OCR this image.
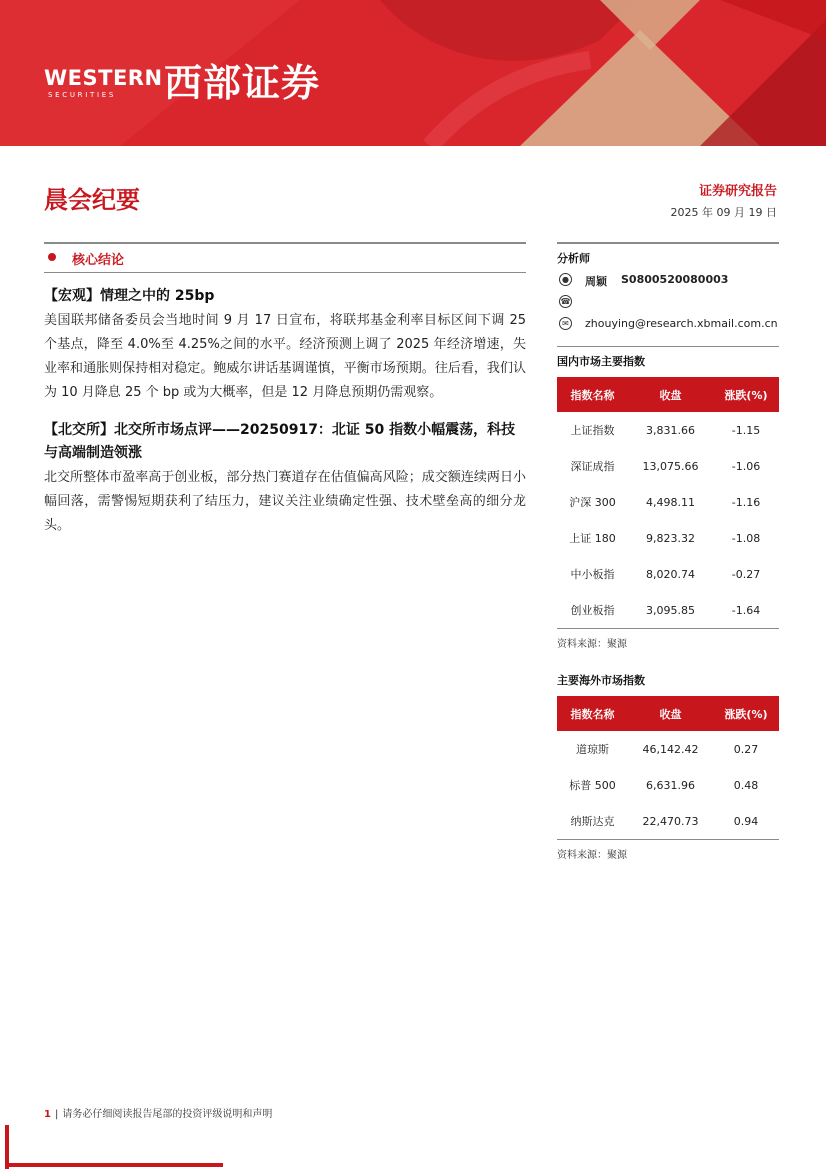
WESTERN
SECURITIES 西部证券
晨会纪要	证券研究报告
2025 年 09 月 19 日
核心结论
【宏观】情理之中的 25bp
美国联邦储备委员会当地时间 9 月 17 日宣布，将联邦基金利率目标区间下调 25 个基点，降至 4.0%至 4.25%之间的水平。经济预测上调了 2025 年经济增速，失业率和通胀则保持相对稳定。鲍威尔讲话基调谨慎，平衡市场预期。往后看，我们认为 10 月降息 25 个 bp 或为大概率，但是 12 月降息预期仍需观察。
【北交所】北交所市场点评——20250917：北证 50 指数小幅震荡，科技与高端制造领涨
北交所整体市盈率高于创业板，部分热门赛道存在估值偏高风险；成交额连续两日小幅回落，需警惕短期获利了结压力，建议关注业绩确定性强、技术壁垒高的细分龙头。
分析师
● 周颖 S0800520080003
☎
✉ zhouying@research.xbmail.com.cn
国内市场主要指数
指数名称	收盘	涨跌(%)
上证指数	3,831.66	-1.15
深证成指	13,075.66	-1.06
沪深 300	4,498.11	-1.16
上证 180	9,823.32	-1.08
中小板指	8,020.74	-0.27
创业板指	3,095.85	-1.64
资料来源：聚源
主要海外市场指数
指数名称	收盘	涨跌(%)
道琼斯	46,142.42	0.27
标普 500	6,631.96	0.48
纳斯达克	22,470.73	0.94
资料来源：聚源
1 | 请务必仔细阅读报告尾部的投资评级说明和声明
